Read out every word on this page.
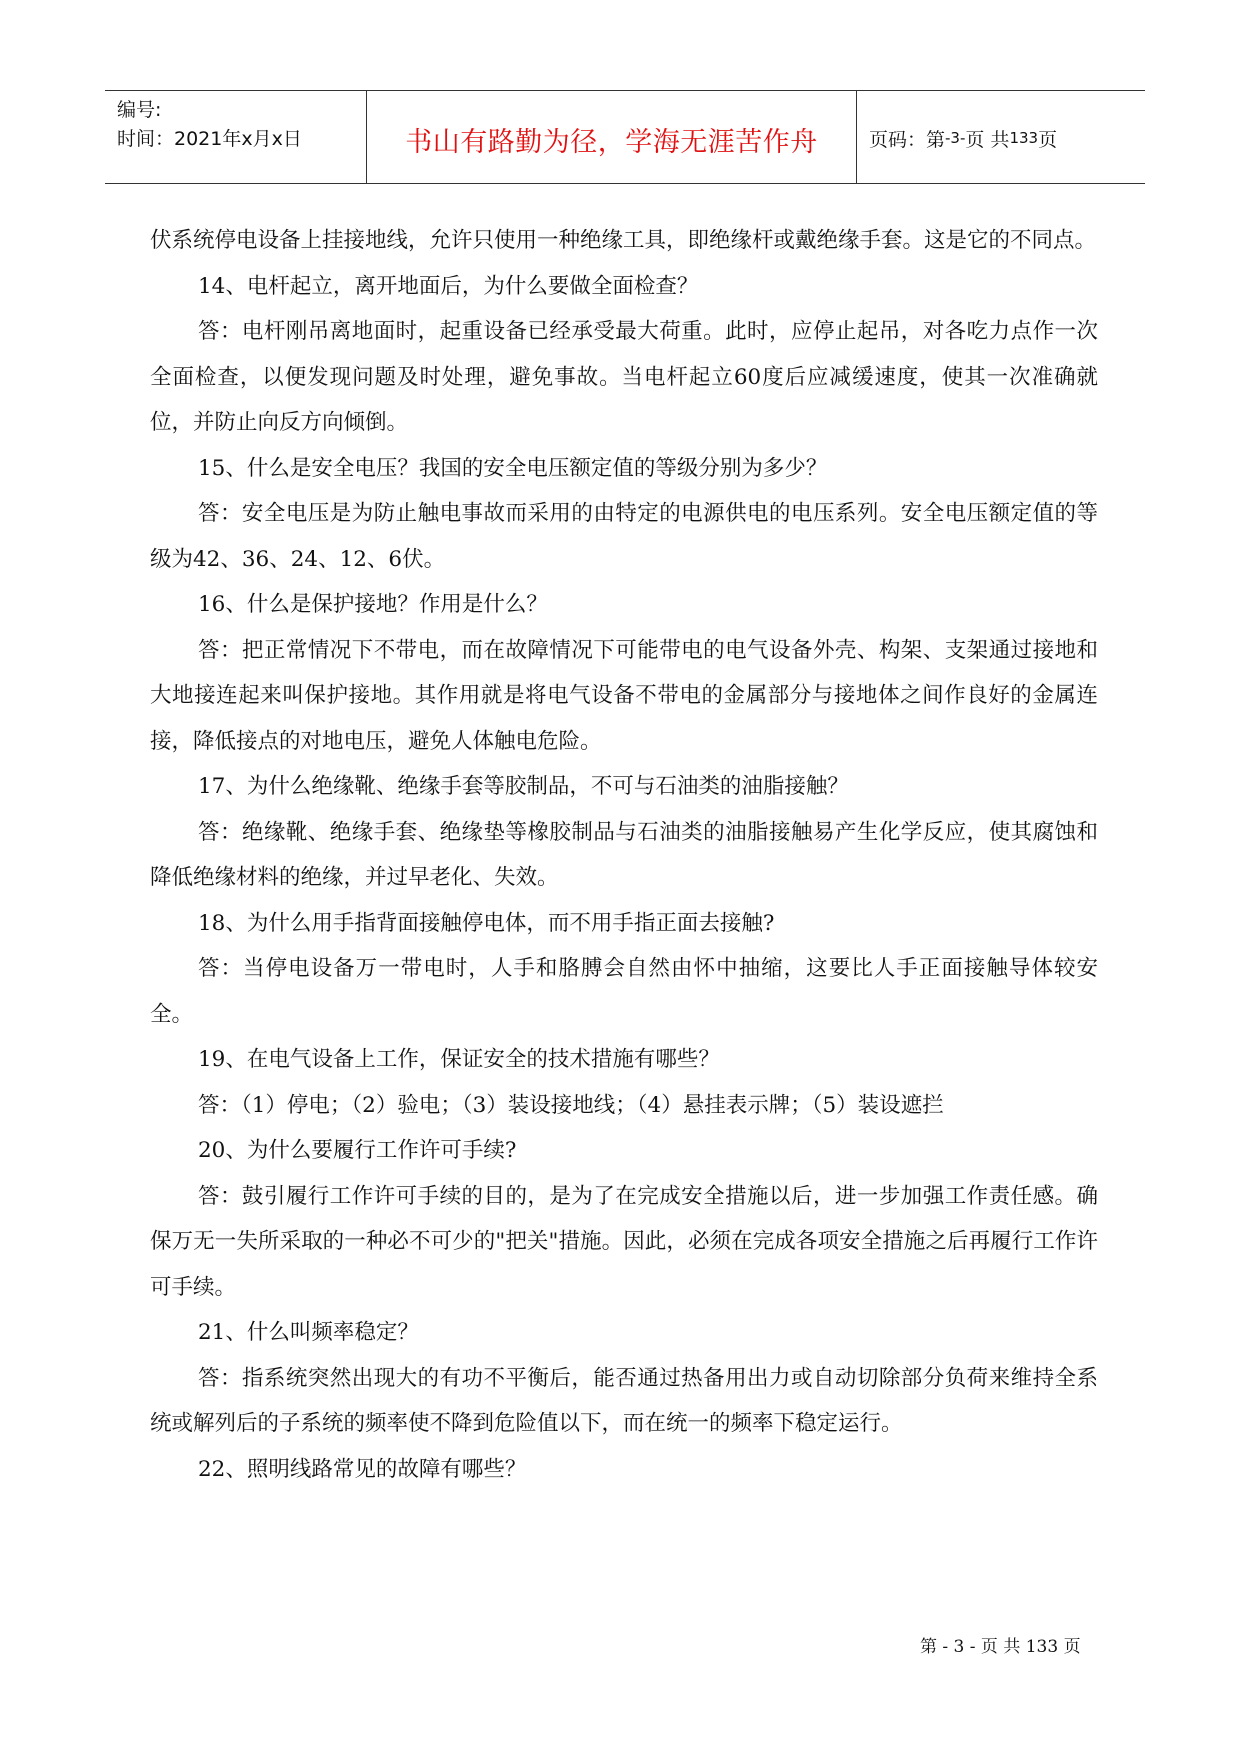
编号:
时间：2021年x月x日	书山有路勤为径，学海无涯苦作舟	页码：第 -3- 页 共 133 页

伏系统停电设备上挂接地线，允许只使用一种绝缘工具，即绝缘杆或戴绝缘手套。这是它的不同点。

14、电杆起立，离开地面后，为什么要做全面检查？

答：电杆刚吊离地面时，起重设备已经承受最大荷重。此时，应停止起吊，对各吃力点作一次全面检查，以便发现问题及时处理，避免事故。当电杆起立60度后应减缓速度，使其一次准确就位，并防止向反方向倾倒。

15、什么是安全电压？我国的安全电压额定值的等级分别为多少？

答：安全电压是为防止触电事故而采用的由特定的电源供电的电压系列。安全电压额定值的等级为42、36、24、12、6伏。

16、什么是保护接地？作用是什么？

答：把正常情况下不带电，而在故障情况下可能带电的电气设备外壳、构架、支架通过接地和大地接连起来叫保护接地。其作用就是将电气设备不带电的金属部分与接地体之间作良好的金属连接，降低接点的对地电压，避免人体触电危险。

17、为什么绝缘靴、绝缘手套等胶制品，不可与石油类的油脂接触？

答：绝缘靴、绝缘手套、绝缘垫等橡胶制品与石油类的油脂接触易产生化学反应，使其腐蚀和降低绝缘材料的绝缘，并过早老化、失效。

18、为什么用手指背面接触停电体，而不用手指正面去接触?

答：当停电设备万一带电时，人手和胳膊会自然由怀中抽缩，这要比人手正面接触导体较安全。

19、在电气设备上工作，保证安全的技术措施有哪些？

答：（1）停电；（2）验电；（3）装设接地线；（4）悬挂表示牌；（5）装设遮拦

20、为什么要履行工作许可手续?

答：鼓引履行工作许可手续的目的，是为了在完成安全措施以后，进一步加强工作责任感。确保万无一失所采取的一种必不可少的"把关"措施。因此，必须在完成各项安全措施之后再履行工作许可手续。

21、什么叫频率稳定？

答：指系统突然出现大的有功不平衡后，能否通过热备用出力或自动切除部分负荷来维持全系统或解列后的子系统的频率使不降到危险值以下，而在统一的频率下稳定运行。

22、照明线路常见的故障有哪些？

第 - 3 - 页 共 133 页
